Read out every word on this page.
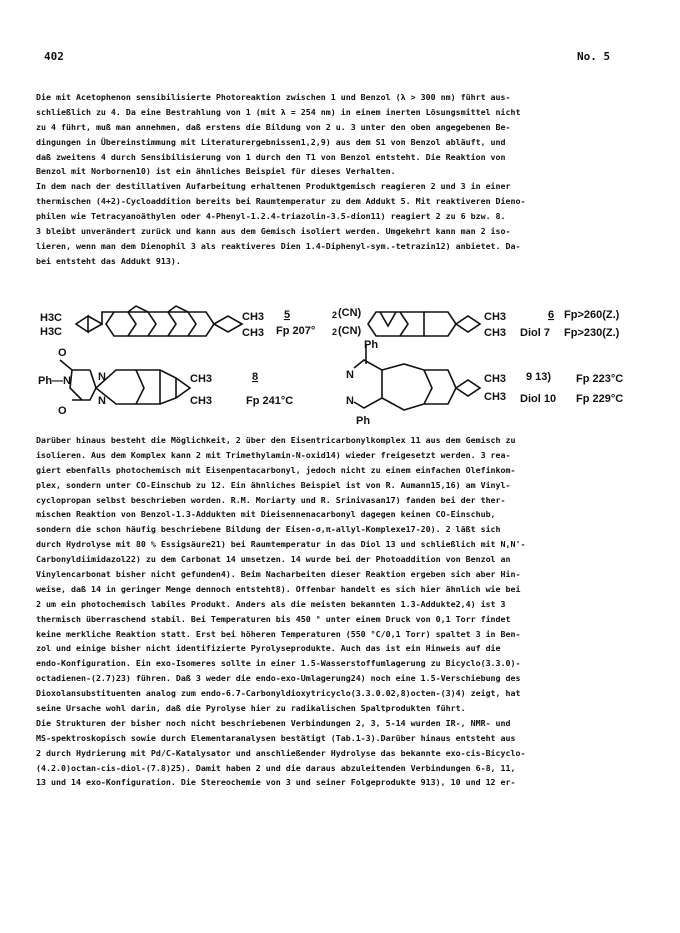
402	No. 5
Die mit Acetophenon sensibilisierte Photoreaktion zwischen 1 und Benzol (λ > 300 nm) führt aus-
schließlich zu 4. Da eine Bestrahlung von 1 (mit λ = 254 nm) in einem inerten Lösungsmittel nicht
zu 4 führt, muß man annehmen, daß erstens die Bildung von 2 u. 3 unter den oben angegebenen Be-
dingungen in Übereinstimmung mit Literaturergebnissen1,2,9) aus dem S1 von Benzol abläuft, und
daß zweitens 4 durch Sensibilisierung von 1 durch den T1 von Benzol entsteht. Die Reaktion von
Benzol mit Norbornen10) ist ein ähnliches Beispiel für dieses Verhalten.
In dem nach der destillativen Aufarbeitung erhaltenen Produktgemisch reagieren 2 und 3 in einer
thermischen (4+2)-Cycloaddition bereits bei Raumtemperatur zu dem Addukt 5. Mit reaktiveren Dieno-
philen wie Tetracyanoäthylen oder 4-Phenyl-1.2.4-triazolin-3.5-dion11) reagiert 2 zu 6 bzw. 8.
3 bleibt unverändert zurück und kann aus dem Gemisch isoliert werden. Umgekehrt kann man 2 iso-
lieren, wenn man dem Dienophil 3 als reaktiveres Dien 1.4-Diphenyl-sym.-tetrazin12) anbietet. Da-
bei entsteht das Addukt 913).
H3C
H3C
CH3
CH3
5
Fp 207°
2 (CN)
2 (CN)
Ph
CH3
CH3
6 Fp>260(Z.)
Diol 7 Fp>230(Z.)
O
Ph—N
O
N
N
CH3
CH3
8
Fp 241°C
N
N
Ph
CH3
CH3
9 13) Fp 223°C
Diol 10 Fp 229°C
Darüber hinaus besteht die Möglichkeit, 2 über den Eisentricarbonylkomplex 11 aus dem Gemisch zu
isolieren. Aus dem Komplex kann 2 mit Trimethylamin-N-oxid14) wieder freigesetzt werden. 3 rea-
giert ebenfalls photochemisch mit Eisenpentacarbonyl, jedoch nicht zu einem einfachen Olefinkom-
plex, sondern unter CO-Einschub zu 12. Ein ähnliches Beispiel ist von R. Aumann15,16) am Vinyl-
cyclopropan selbst beschrieben worden. R.M. Moriarty und R. Srinivasan17) fanden bei der ther-
mischen Reaktion von Benzol-1.3-Addukten mit Dieisennenacarbonyl dagegen keinen CO-Einschub,
sondern die schon häufig beschriebene Bildung der Eisen-σ,π-allyl-Komplexe17-20). 2 läßt sich
durch Hydrolyse mit 80 % Essigsäure21) bei Raumtemperatur in das Diol 13 und schließlich mit N,N'-
Carbonyldiimidazol22) zu dem Carbonat 14 umsetzen. 14 wurde bei der Photoaddition von Benzol an
Vinylencarbonat bisher nicht gefunden4). Beim Nacharbeiten dieser Reaktion ergeben sich aber Hin-
weise, daß 14 in geringer Menge dennoch entsteht8). Offenbar handelt es sich hier ähnlich wie bei
2 um ein photochemisch labiles Produkt. Anders als die meisten bekannten 1.3-Addukte2,4) ist 3
thermisch überraschend stabil. Bei Temperaturen bis 450 ° unter einem Druck von 0,1 Torr findet
keine merkliche Reaktion statt. Erst bei höheren Temperaturen (550 °C/0,1 Torr) spaltet 3 in Ben-
zol und einige bisher nicht identifizierte Pyrolyseprodukte. Auch das ist ein Hinweis auf die
endo-Konfiguration. Ein exo-Isomeres sollte in einer 1.5-Wasserstoffumlagerung zu Bicyclo(3.3.0)-
octadienen-(2.7)23) führen. Daß 3 weder die endo-exo-Umlagerung24) noch eine 1.5-Verschiebung des
Dioxolansubstituenten analog zum endo-6.7-Carbonyldioxytricyclo(3.3.0.02,8)octen-(3)4) zeigt, hat
seine Ursache wohl darin, daß die Pyrolyse hier zu radikalischen Spaltprodukten führt.
Die Strukturen der bisher noch nicht beschriebenen Verbindungen 2, 3, 5-14 wurden IR-, NMR- und
MS-spektroskopisch sowie durch Elementaranalysen bestätigt (Tab.1-3).Darüber hinaus entsteht aus
2 durch Hydrierung mit Pd/C-Katalysator und anschließender Hydrolyse das bekannte exo-cis-Bicyclo-
(4.2.0)octan-cis-diol-(7.8)25). Damit haben 2 und die daraus abzuleitenden Verbindungen 6-8, 11,
13 und 14 exo-Konfiguration. Die Stereochemie von 3 und seiner Folgeprodukte 913), 10 und 12 er-
